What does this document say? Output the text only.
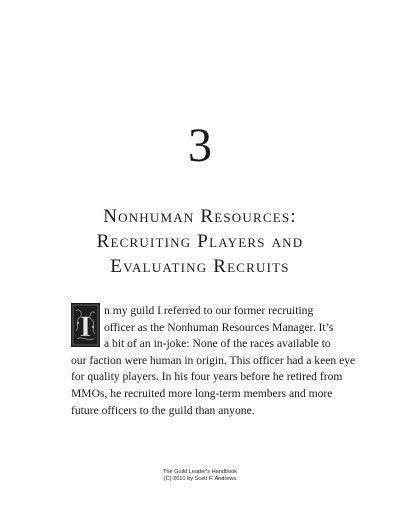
3
Nonhuman Resources:
Recruiting Players and
Evaluating Recruits
I	n my guild I referred to our former recruiting
officer as the Nonhuman Resources Manager. It’s
a bit of an in-joke: None of the races available to
our faction were human in origin. This officer had a keen eye
for quality players. In his four years before he retired from
MMOs, he recruited more long-term members and more
future officers to the guild than anyone.
The Guild Leader's Handbook
(C) 2010 by Scott F. Andrews
